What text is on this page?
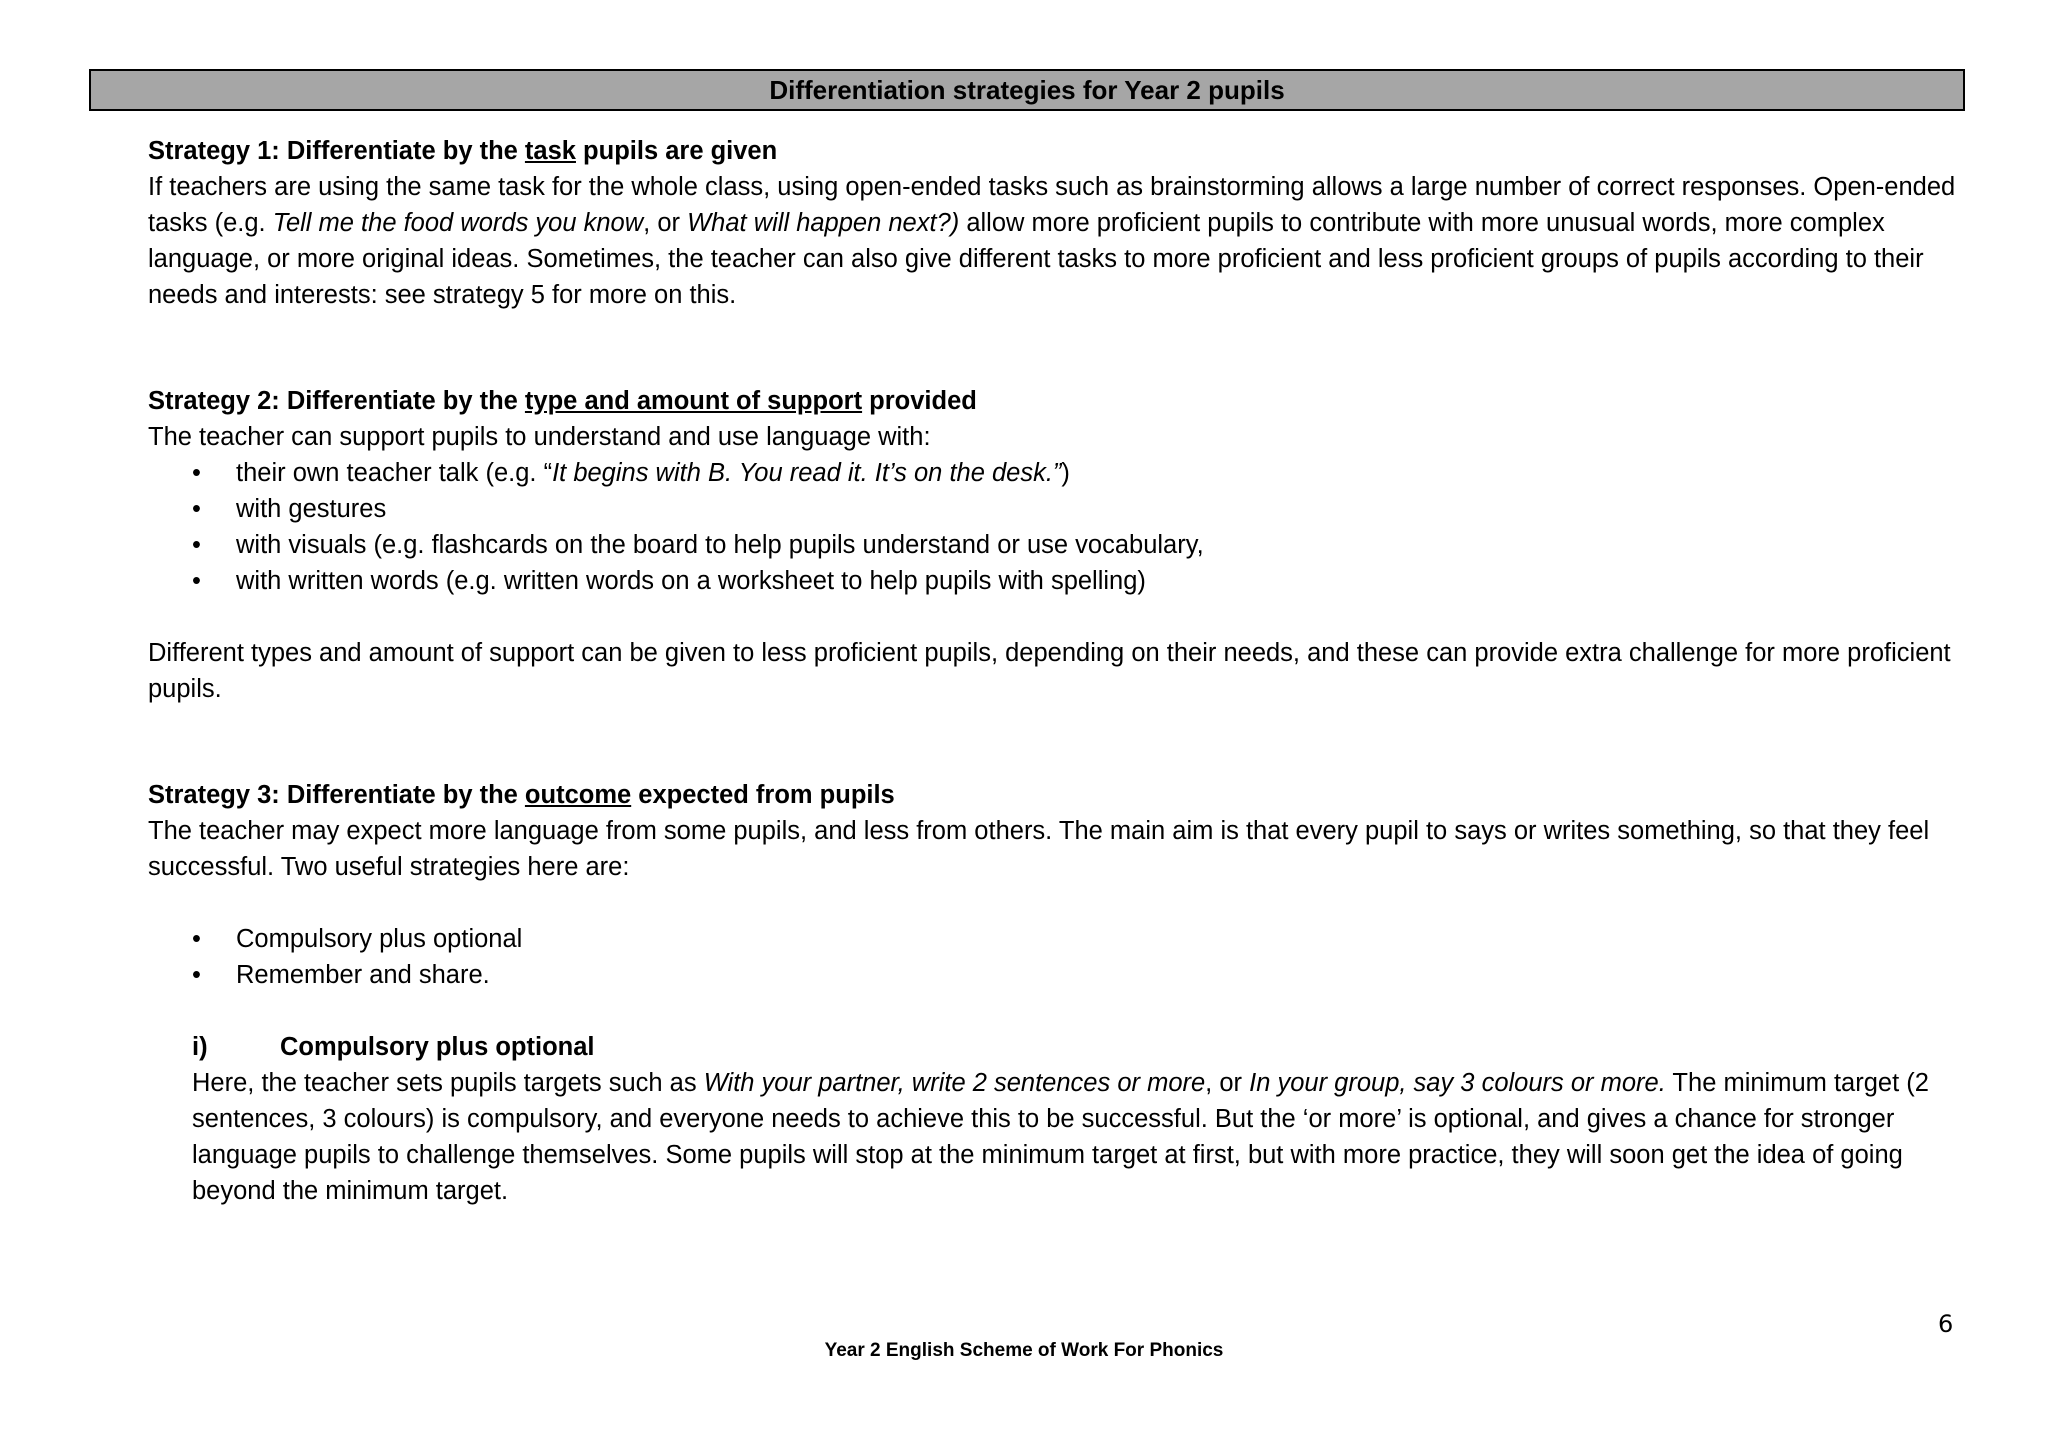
Differentiation strategies for Year 2 pupils

Strategy 1: Differentiate by the task pupils are given

If teachers are using the same task for the whole class, using open-ended tasks such as brainstorming allows a large number of correct responses. Open-ended tasks (e.g. Tell me the food words you know, or What will happen next?) allow more proficient pupils to contribute with more unusual words, more complex language, or more original ideas. Sometimes, the teacher can also give different tasks to more proficient and less proficient groups of pupils according to their needs and interests: see strategy 5 for more on this.

Strategy 2: Differentiate by the type and amount of support provided

The teacher can support pupils to understand and use language with:

• their own teacher talk (e.g. “It begins with B. You read it. It’s on the desk.”)
• with gestures
• with visuals (e.g. flashcards on the board to help pupils understand or use vocabulary,
• with written words (e.g. written words on a worksheet to help pupils with spelling)

Different types and amount of support can be given to less proficient pupils, depending on their needs, and these can provide extra challenge for more proficient pupils.

Strategy 3: Differentiate by the outcome expected from pupils

The teacher may expect more language from some pupils, and less from others. The main aim is that every pupil to says or writes something, so that they feel successful. Two useful strategies here are:

• Compulsory plus optional
• Remember and share.

i)	Compulsory plus optional

Here, the teacher sets pupils targets such as With your partner, write 2 sentences or more, or In your group, say 3 colours or more. The minimum target (2 sentences, 3 colours) is compulsory, and everyone needs to achieve this to be successful. But the ‘or more’ is optional, and gives a chance for stronger language pupils to challenge themselves. Some pupils will stop at the minimum target at first, but with more practice, they will soon get the idea of going beyond the minimum target.

6
Year 2 English Scheme of Work For Phonics
